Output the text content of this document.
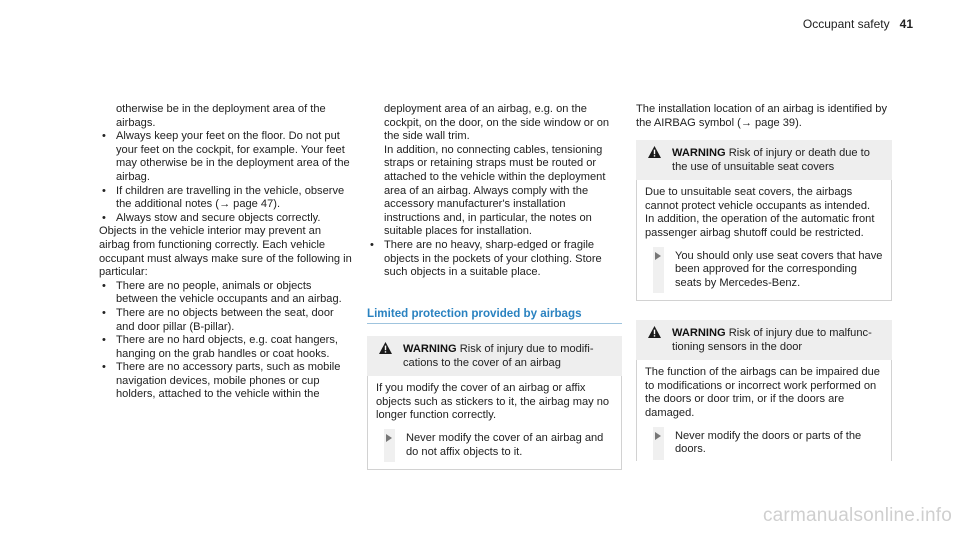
Occupant safety 41

otherwise be in the deployment area of the
airbags.

• Always keep your feet on the floor. Do not put your feet on the cockpit, for example. Your feet may otherwise be in the deployment area of the airbag.
• If children are travelling in the vehicle, observe the additional notes (→ page 47).
• Always stow and secure objects correctly.

Objects in the vehicle interior may prevent an airbag from functioning correctly. Each vehicle occupant must always make sure of the following in particular:

• There are no people, animals or objects between the vehicle occupants and an airbag.
• There are no objects between the seat, door and door pillar (B-pillar).
• There are no hard objects, e.g. coat hangers, hanging on the grab handles or coat hooks.
• There are no accessory parts, such as mobile navigation devices, mobile phones or cup holders, attached to the vehicle within the

deployment area of an airbag, e.g. on the cockpit, on the door, on the side window or on the side wall trim.

In addition, no connecting cables, tensioning straps or retaining straps must be routed or attached to the vehicle within the deployment area of an airbag. Always comply with the accessory manufacturer's installation instructions and, in particular, the notes on suitable places for installation.

• There are no heavy, sharp-edged or fragile objects in the pockets of your clothing. Store such objects in a suitable place.
Limited protection provided by airbags
WARNING Risk of injury due to modifications to the cover of an airbag

If you modify the cover of an airbag or affix objects such as stickers to it, the airbag may no longer function correctly.

Never modify the cover of an airbag and do not affix objects to it.

The installation location of an airbag is identified by the AIRBAG symbol (→ page 39).

WARNING Risk of injury or death due to the use of unsuitable seat covers

Due to unsuitable seat covers, the airbags cannot protect vehicle occupants as intended.

In addition, the operation of the automatic front passenger airbag shutoff could be restricted.

You should only use seat covers that have been approved for the corresponding seats by Mercedes-Benz.
WARNING Risk of injury due to malfunctioning sensors in the door

The function of the airbags can be impaired due to modifications or incorrect work performed on the doors or door trim, or if the doors are damaged.

Never modify the doors or parts of the doors.
carmanualsonline.info
